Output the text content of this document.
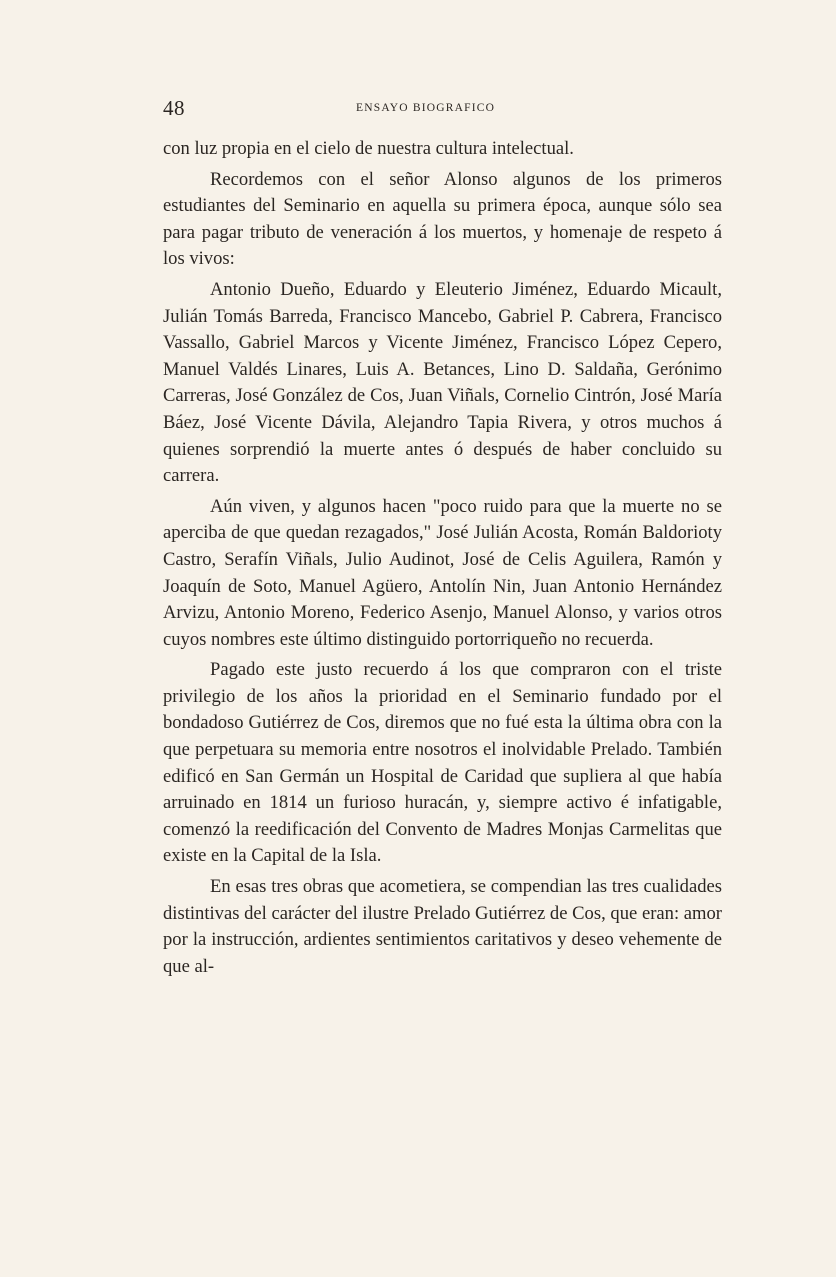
48	ENSAYO BIOGRAFICO

con luz propia en el cielo de nuestra cultura intelectual.

Recordemos con el señor Alonso algunos de los primeros estudiantes del Seminario en aquella su primera época, aunque sólo sea para pagar tributo de veneración á los muertos, y homenaje de respeto á los vivos:

Antonio Dueño, Eduardo y Eleuterio Jiménez, Eduardo Micault, Julián Tomás Barreda, Francisco Mancebo, Gabriel P. Cabrera, Francisco Vassallo, Gabriel Marcos y Vicente Jiménez, Francisco López Cepero, Manuel Valdés Linares, Luis A. Betances, Lino D. Saldaña, Gerónimo Carreras, José González de Cos, Juan Viñals, Cornelio Cintrón, José María Báez, José Vicente Dávila, Alejandro Tapia Rivera, y otros muchos á quienes sorprendió la muerte antes ó después de haber concluido su carrera.

Aún viven, y algunos hacen "poco ruido para que la muerte no se aperciba de que quedan rezagados," José Julián Acosta, Román Baldorioty Castro, Serafín Viñals, Julio Audinot, José de Celis Aguilera, Ramón y Joaquín de Soto, Manuel Agüero, Antolín Nin, Juan Antonio Hernández Arvizu, Antonio Moreno, Federico Asenjo, Manuel Alonso, y varios otros cuyos nombres este último distinguido portorriqueño no recuerda.

Pagado este justo recuerdo á los que compraron con el triste privilegio de los años la prioridad en el Seminario fundado por el bondadoso Gutiérrez de Cos, diremos que no fué esta la última obra con la que perpetuara su memoria entre nosotros el inolvidable Prelado. También edificó en San Germán un Hospital de Caridad que supliera al que había arruinado en 1814 un furioso huracán, y, siempre activo é infatigable, comenzó la reedificación del Convento de Madres Monjas Carmelitas que existe en la Capital de la Isla.

En esas tres obras que acometiera, se compendian las tres cualidades distintivas del carácter del ilustre Prelado Gutiérrez de Cos, que eran: amor por la instrucción, ardientes sentimientos caritativos y deseo vehemente de que al-
